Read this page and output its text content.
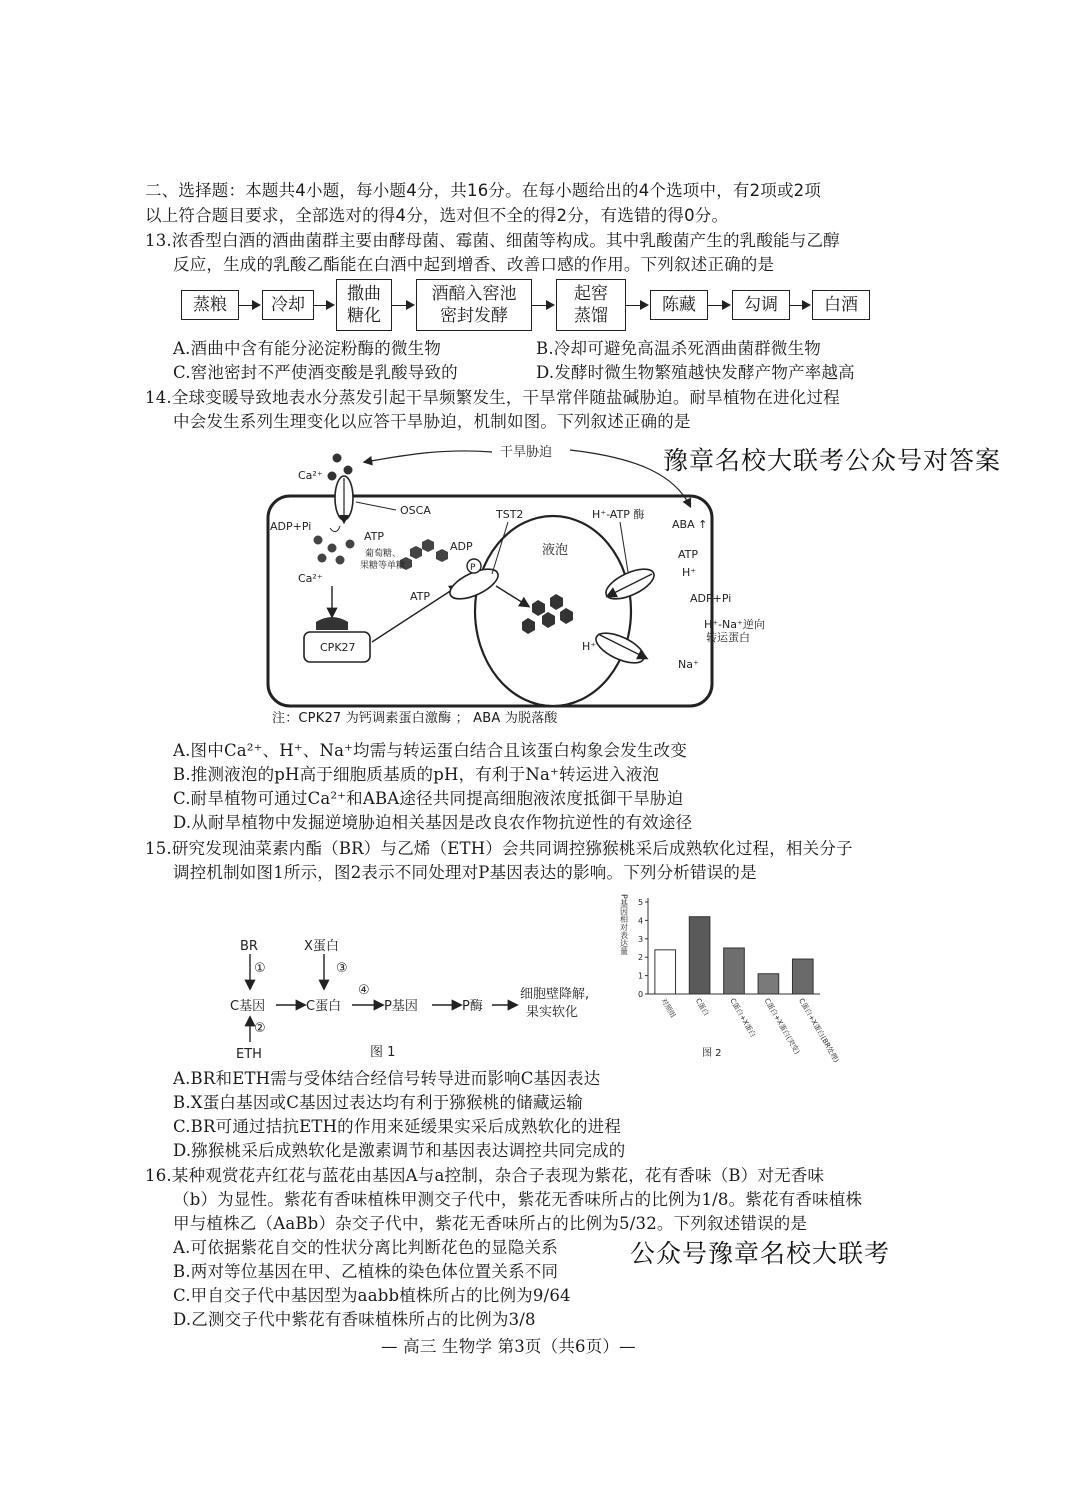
二、选择题：本题共4小题，每小题4分，共16分。在每小题给出的4个选项中，有2项或2项
以上符合题目要求，全部选对的得4分，选对但不全的得2分，有选错的得0分。
13.浓香型白酒的酒曲菌群主要由酵母菌、霉菌、细菌等构成。其中乳酸菌产生的乳酸能与乙醇
反应，生成的乳酸乙酯能在白酒中起到增香、改善口感的作用。下列叙述正确的是
蒸粮	冷却
撒曲
糖化
酒醅入窖池
密封发酵
起窖
蒸馏
陈藏	勾调	白酒
A.酒曲中含有能分泌淀粉酶的微生物	B.冷却可避免高温杀死酒曲菌群微生物
C.窖池密封不严使酒变酸是乳酸导致的	D.发酵时微生物繁殖越快发酵产物产率越高
14.全球变暖导致地表水分蒸发引起干旱频繁发生，干旱常伴随盐碱胁迫。耐旱植物在进化过程
中会发生系列生理变化以应答干旱胁迫，机制如图。下列叙述正确的是
豫章名校大联考公众号对答案
干旱胁迫
Ca²⁺
OSCA
ADP+Pi
ATP
Ca²⁺
CPK27
葡萄糖、
果糖等单糖	P
ADP
ATP
TST2
液泡
H⁺-ATP 酶
ABA ↑
ATP
H⁺
ADP+Pi
H⁺
Na⁺
H⁺-Na⁺逆向
转运蛋白
注：CPK27 为钙调素蛋白激酶 ； ABA 为脱落酸
A.图中Ca²⁺、H⁺、Na⁺均需与转运蛋白结合且该蛋白构象会发生改变
B.推测液泡的pH高于细胞质基质的pH，有利于Na⁺转运进入液泡
C.耐旱植物可通过Ca²⁺和ABA途径共同提高细胞液浓度抵御干旱胁迫
D.从耐旱植物中发掘逆境胁迫相关基因是改良农作物抗逆性的有效途径
15.研究发现油菜素内酯（BR）与乙烯（ETH）会共同调控猕猴桃采后成熟软化过程，相关分子
调控机制如图1所示，图2表示不同处理对P基因表达的影响。下列分析错误的是
BR
①
X蛋白
③
C基因	C蛋白
④
P基因	P酶
细胞壁降解,
果实软化
②
ETH	图 1
P基因相对表达量
0
1
2
3
4
5
对照组 C蛋白	C蛋白+X蛋白 C蛋白+X蛋白(突变)
C蛋白+X蛋白(BR处理)
图 2
A.BR和ETH需与受体结合经信号转导进而影响C基因表达
B.X蛋白基因或C基因过表达均有利于猕猴桃的储藏运输
C.BR可通过拮抗ETH的作用来延缓果实采后成熟软化的进程
D.猕猴桃采后成熟软化是激素调节和基因表达调控共同完成的
16.某种观赏花卉红花与蓝花由基因A与a控制，杂合子表现为紫花，花有香味（B）对无香味
（b）为显性。紫花有香味植株甲测交子代中，紫花无香味所占的比例为1/8。紫花有香味植株
甲与植株乙（AaBb）杂交子代中，紫花无香味所占的比例为5/32。下列叙述错误的是
A.可依据紫花自交的性状分离比判断花色的显隐关系	公众号豫章名校大联考
B.两对等位基因在甲、乙植株的染色体位置关系不同
C.甲自交子代中基因型为aabb植株所占的比例为9/64
D.乙测交子代中紫花有香味植株所占的比例为3/8
— 高三 生物学 第3页（共6页）—
